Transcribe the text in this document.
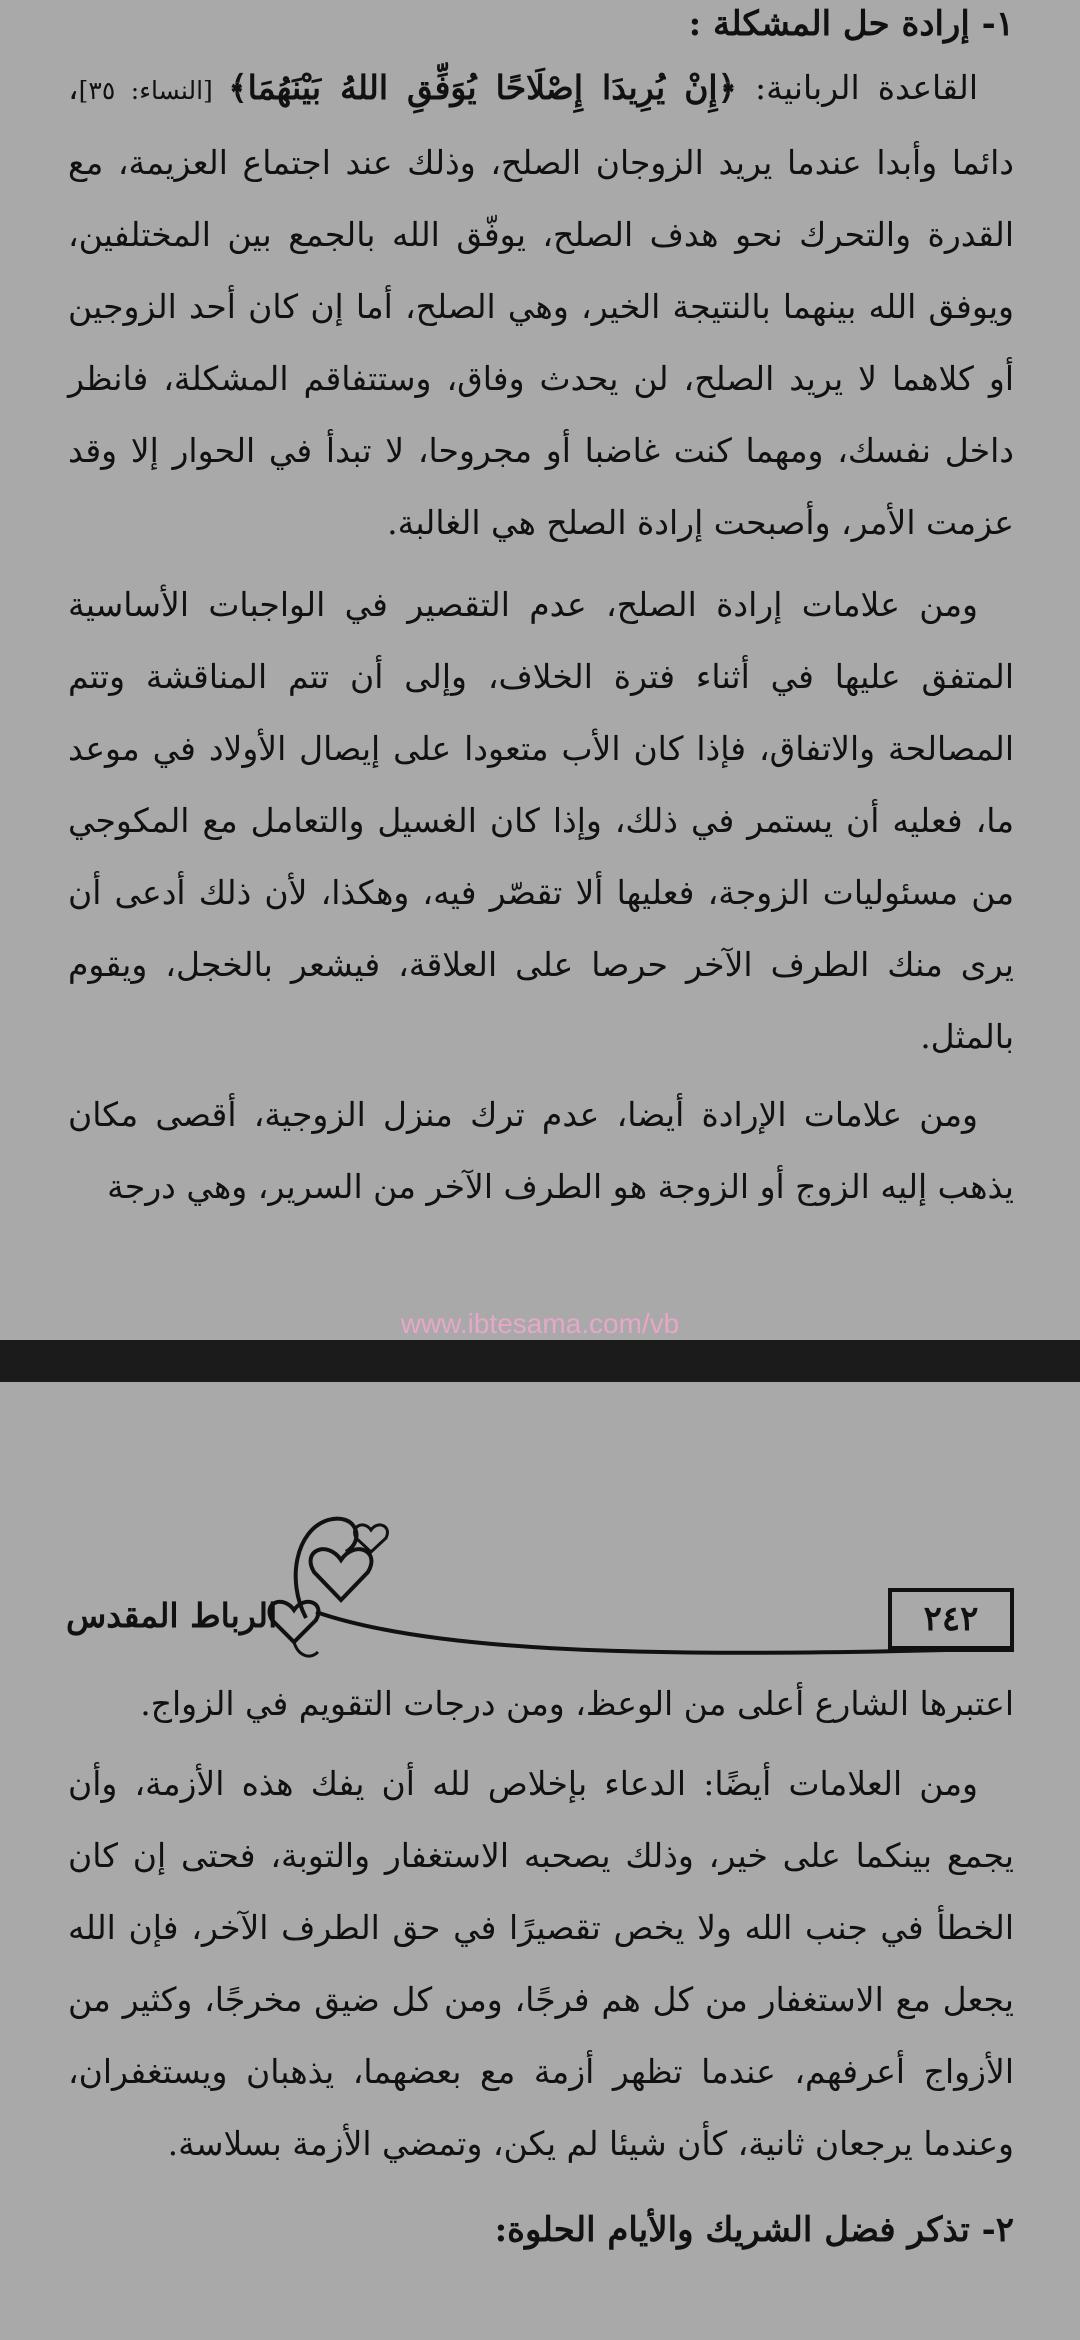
١- إرادة حل المشكلة :

القاعدة الربانية: ﴿إِنْ يُرِيدَا إِصْلَاحًا يُوَفِّقِ اللهُ بَيْنَهُمَا﴾ [النساء: ٣٥]، دائما وأبدا عندما يريد الزوجان الصلح، وذلك عند اجتماع العزيمة، مع القدرة والتحرك نحو هدف الصلح، يوفّق الله بالجمع بين المختلفين، ويوفق الله بينهما بالنتيجة الخير، وهي الصلح، أما إن كان أحد الزوجين أو كلاهما لا يريد الصلح، لن يحدث وفاق، وستتفاقم المشكلة، فانظر داخل نفسك، ومهما كنت غاضبا أو مجروحا، لا تبدأ في الحوار إلا وقد عزمت الأمر، وأصبحت إرادة الصلح هي الغالبة.

ومن علامات إرادة الصلح، عدم التقصير في الواجبات الأساسية المتفق عليها في أثناء فترة الخلاف، وإلى أن تتم المناقشة وتتم المصالحة والاتفاق، فإذا كان الأب متعودا على إيصال الأولاد في موعد ما، فعليه أن يستمر في ذلك، وإذا كان الغسيل والتعامل مع المكوجي من مسئوليات الزوجة، فعليها ألا تقصّر فيه، وهكذا، لأن ذلك أدعى أن يرى منك الطرف الآخر حرصا على العلاقة، فيشعر بالخجل، ويقوم بالمثل.

ومن علامات الإرادة أيضا، عدم ترك منزل الزوجية، أقصى مكان يذهب إليه الزوج أو الزوجة هو الطرف الآخر من السرير، وهي درجة

www.ibtesama.com/vb
الرباط المقدس	٢٤٢

اعتبرها الشارع أعلى من الوعظ، ومن درجات التقويم في الزواج.

ومن العلامات أيضًا: الدعاء بإخلاص لله أن يفك هذه الأزمة، وأن يجمع بينكما على خير، وذلك يصحبه الاستغفار والتوبة، فحتى إن كان الخطأ في جنب الله ولا يخص تقصيرًا في حق الطرف الآخر، فإن الله يجعل مع الاستغفار من كل هم فرجًا، ومن كل ضيق مخرجًا، وكثير من الأزواج أعرفهم، عندما تظهر أزمة مع بعضهما، يذهبان ويستغفران، وعندما يرجعان ثانية، كأن شيئا لم يكن، وتمضي الأزمة بسلاسة.

٢- تذكر فضل الشريك والأيام الحلوة:
